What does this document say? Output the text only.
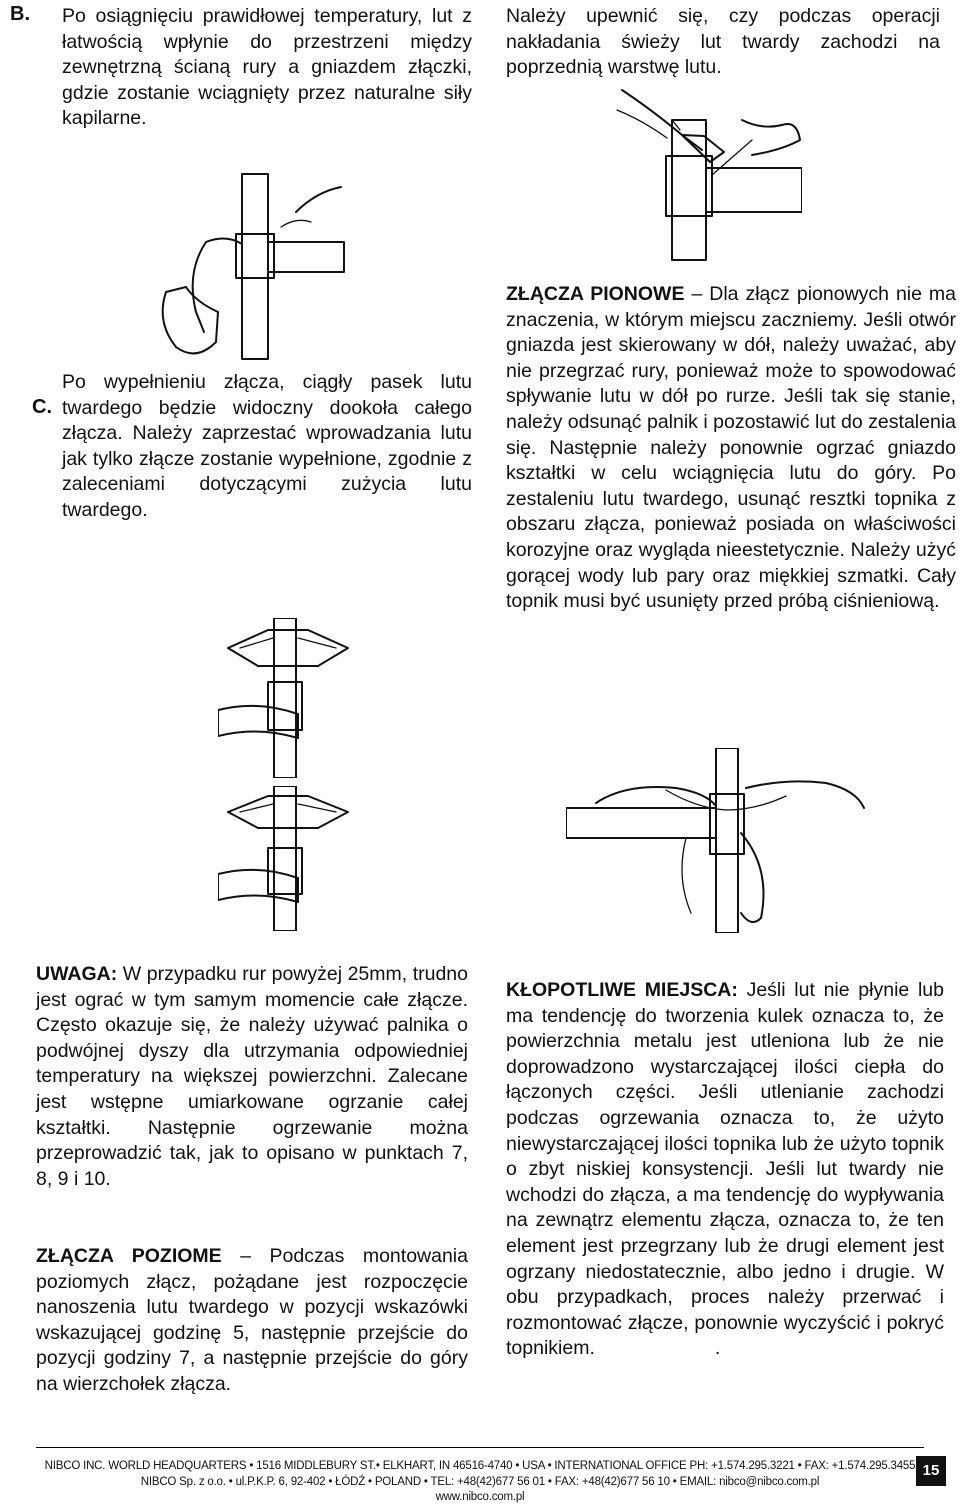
B. Po osiągnięciu prawidłowej temperatury, lut z łatwością wpłynie do przestrzeni między zewnętrzną ścianą rury a gniazdem złączki, gdzie zostanie wciągnięty przez naturalne siły kapilarne.
Należy upewnić się, czy podczas operacji nakładania świeży lut twardy zachodzi na poprzednią warstwę lutu.
C.
Po wypełnieniu złącza, ciągły pasek lutu twardego będzie widoczny dookoła całego złącza. Należy zaprzestać wprowadzania lutu jak tylko złącze zostanie wypełnione, zgodnie z zaleceniami dotyczącymi zużycia lutu twardego.
ZŁĄCZA PIONOWE – Dla złącz pionowych nie ma znaczenia, w którym miejscu zaczniemy. Jeśli otwór gniazda jest skierowany w dół, należy uważać, aby nie przegrzać rury, ponieważ może to spowodować spływanie lutu w dół po rurze. Jeśli tak się stanie, należy odsunąć palnik i pozostawić lut do zestalenia się. Następnie należy ponownie ogrzać gniazdo kształtki w celu wciągnięcia lutu do góry. Po zestaleniu lutu twardego, usunąć resztki topnika z obszaru złącza, ponieważ posiada on właściwości korozyjne oraz wygląda nieestetycznie. Należy użyć gorącej wody lub pary oraz miękkiej szmatki. Cały topnik musi być usunięty przed próbą ciśnieniową.
UWAGA: W przypadku rur powyżej 25mm, trudno jest ograć w tym samym momencie całe złącze. Często okazuje się, że należy używać palnika o podwójnej dyszy dla utrzymania odpowiedniej temperatury na większej powierzchni. Zalecane jest wstępne umiarkowane ogrzanie całej kształtki. Następnie ogrzewanie można przeprowadzić tak, jak to opisano w punktach 7, 8, 9 i 10.
ZŁĄCZA POZIOME – Podczas montowania poziomych złącz, pożądane jest rozpoczęcie nanoszenia lutu twardego w pozycji wskazówki wskazującej godzinę 5, następnie przejście do pozycji godziny 7, a następnie przejście do góry na wierzchołek złącza.
KŁOPOTLIWE MIEJSCA: Jeśli lut nie płynie lub ma tendencję do tworzenia kulek oznacza to, że powierzchnia metalu jest utleniona lub że nie doprowadzono wystarczającej ilości ciepła do łączonych części. Jeśli utlenianie zachodzi podczas ogrzewania oznacza to, że użyto niewystarczającej ilości topnika lub że użyto topnik o zbyt niskiej konsystencji. Jeśli lut twardy nie wchodzi do złącza, a ma tendencję do wypływania na zewnątrz elementu złącza, oznacza to, że ten element jest przegrzany lub że drugi element jest ogrzany niedostatecznie, albo jedno i drugie. W obu przypadkach, proces należy przerwać i rozmontować złącze, ponownie wyczyścić i pokryć topnikiem.	.
NIBCO INC. WORLD HEADQUARTERS • 1516 MIDDLEBURY ST.• ELKHART, IN 46516-4740 • USA • INTERNATIONAL OFFICE PH: +1.574.295.3221 • FAX: +1.574.295.3455
NIBCO Sp. z o.o. • ul.P.K.P. 6, 92-402 • ŁÓDŹ • POLAND • TEL: +48(42)677 56 01 • FAX: +48(42)677 56 10 • EMAIL: nibco@nibco.com.pl
www.nibco.com.pl
15
